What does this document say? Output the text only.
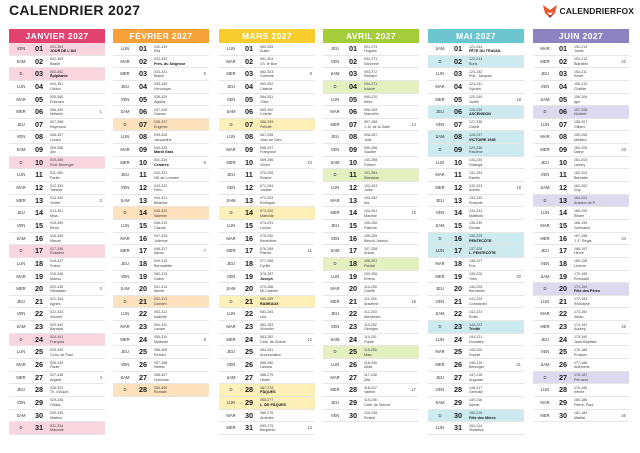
CALENDRIER 2027	CALENDRIERFOX
JANVIER 2027
VEN	01	001-364
JOUR DE L'AN
SAM	02	002-363
Basile
D	03	003-362
Épiphanie
LUN	04	004-361
Odilon
MAR	05	005-360
Édouard
MER	06	006-359
Mélaine
1
JEU	07	007-358
Raymond
VEN	08	008-357
Lucien
SAM	09	009-356
Alix
D	10	010-355
Guil. Bérenger
LUN	11	011-354
Paulin
MAR	12	012-353
Tatiana
MER	13	013-352
Yvette
2
JEU	14	014-351
Nina
VEN	15	015-350
Rémi
SAM	16	016-349
Marcel
D	17	017-348
Roseline
LUN	18	018-347
Prisca
MAR	19	019-346
Marius
MER	20	020-345
Sébastien
3
JEU	21	021-344
Agnès
VEN	22	022-343
Vincent
SAM	23	023-342
Barnard
D	24	024-341
François
LUN	25	025-340
Conv. de Paul
MAR	26	026-339
Paule
MER	27	027-338
Angèle
4
JEU	28	028-337
Th. d'Aquin
VEN	29	029-336
Gildas
SAM	30	030-335
Martine
D	31	031-334
Marcelle
FÉVRIER 2027
LUN	01	032-333
Ella
MAR	02	033-332
Prés. du Seigneur
MER	03	034-331
Blaise
5
JEU	04	035-330
Véronique
VEN	05	036-329
Agathe
SAM	06	037-328
Gaston
D	07	038-327
Eugénie
LUN	08	039-326
Jacqueline
MAR	09	040-325
Mardi Gras
MER	10	041-324
Cendres
6
JEU	11	042-323
ND de Lourdes
VEN	12	043-322
Félix
SAM	13	044-321
Béatrice
D	14	045-320
Valentin
LUN	15	046-319
Claude
MAR	16	047-318
Julienne
MER	17	048-317
Alexis
7
JEU	18	049-316
Bernadette
VEN	19	050-315
Gabin
SAM	20	051-314
Aimée
D	21	052-313
Damien
LUN	22	053-312
Isabelle
MAR	23	054-311
Lazare
MER	24	055-310
Modeste
8
JEU	25	056-309
Roméo
VEN	26	057-308
Nestor
SAM	27	058-307
Honorine
D	28	059-306
Romain
MARS 2027
LUN	01	060-305
Aubin
MAR	02	061-304
Ch. le Bon
MER	03	062-303
Guénolé
9
JEU	04	063-302
Casimir
VEN	05	064-301
Olive
SAM	06	065-300
Colette
D	07	066-299
Félicité
LUN	08	067-298
Jean de Dieu
MAR	09	068-297
Françoise
MER	10	069-296
Vivien
10
JEU	11	070-295
Rosine
VEN	12	071-294
Justine
SAM	13	072-293
Rodrigue
D	14	073-292
Mathilde
LUN	15	074-291
Louise
MAR	16	075-290
Bénédicte
MER	17	076-289
Patrice
11
JEU	18	077-288
Cyrille
VEN	19	078-287
Joseph
SAM	20	079-286
Mi-Carême
D	21	080-285
RAMEAUX
LUN	22	081-284
Léa
MAR	23	082-283
Victorien
MER	24	083-282
Cath. de Suède
12
JEU	25	084-281
Annonciation
VEN	26	085-280
Larissa
SAM	27	086-279
Habib
D	28	087-278
PÂQUES
LUN	29	088-277
L. DE PÂQUES
MAR	30	089-276
Amédée
MER	31	090-275
Benjamin
13
AVRIL 2027
JEU	01	091-274
Hugues
VEN	02	092-273
Sandrine
SAM	03	093-272
Richard
D	04	094-271
Isidore
LUN	05	095-270
Irène
MAR	06	096-269
Marcellin
MER	07	097-268
J.-B. de la Salle
14
JEU	08	098-267
Julie
VEN	09	099-266
Gautier
SAM	10	100-265
Fulbert
D	11	101-264
Stanislas
LUN	12	102-263
Jules
MAR	13	103-262
Ida
MER	14	104-261
Maxime
15
JEU	15	105-260
Paterne
VEN	16	106-259
Benoît-Joseph
SAM	17	107-258
Anicet
D	18	108-257
Parfait
LUN	19	109-256
Emma
MAR	20	110-255
Odette
MER	21	111-254
Anselme
16
JEU	22	112-253
Alexandre
VEN	23	113-252
Georges
SAM	24	114-251
Fidèle
D	25	115-250
Marc
LUN	26	116-249
Alida
MAR	27	117-248
Zita
MER	28	118-247
Valérie
17
JEU	29	119-246
Cath. de Sienne
VEN	30	120-245
Robert
MAI 2027
SAM	01	121-244
FÊTE DU TRAVAIL
D	02	122-243
Boris
LUN	03	123-242
Phil., Jacques
MAR	04	124-241
Sylvain
MER	05	125-240
Judith
18
JEU	06	126-239
ASCENSION
VEN	07	127-238
Gisèle
SAM	08	128-237
VICTOIRE 1945
D	09	129-236
Pacôme
LUN	10	130-235
Solange
MAR	11	131-234
Estelle
MER	12	132-233
Achille
19
JEU	13	133-232
Rolande
VEN	14	134-231
Matthias
SAM	15	135-230
Denise
D	16	136-229
PENTECÔTE
LUN	17	137-228
L. PENTECÔTE
MAR	18	138-227
Éric
MER	19	139-226
Yves
20
JEU	20	140-225
Bernardin
VEN	21	141-224
Constantin
SAM	22	142-223
Émile
D	23	143-222
Trinité
LUN	24	144-221
Donatien
MAR	25	145-220
Sophie
MER	26	146-219
Bérenger
21
JEU	27	147-218
Augustin
VEN	28	148-217
Germain
SAM	29	149-216
Aymar
D	30	150-215
Fête des Mères
LUN	31	151-214
Visitation
JUIN 2027
MAR	01	152-213
Justin
MER	02	153-212
Blandine
22
JEU	03	154-211
Kévin
VEN	04	155-210
Clotilde
SAM	05	156-209
Igor
D	06	157-208
Norbert
LUN	07	158-207
Gilbert
MAR	08	159-206
Médard
MER	09	160-205
Diane
23
JEU	10	161-204
Landry
VEN	11	162-203
Barnabé
SAM	12	163-202
Guy
D	13	164-201
Antoine de P.
LUN	14	165-200
Élisée
MAR	15	166-199
Germaine
MER	16	167-198
J.-F. Régis
24
JEU	17	168-197
Hervé
VEN	18	169-196
Léonce
SAM	19	170-195
Romuald
D	20	171-194
Fête des Pères
LUN	21	172-193
Rodolphe
MAR	22	173-192
Alban
MER	23	174-191
Audrey
25
JEU	24	175-190
Jean-Baptiste
VEN	25	176-189
Prosper
SAM	26	177-188
Anthelme
D	27	178-187
Fernand
LUN	28	179-186
Irénée
MAR	29	180-185
Pierre, Paul
MER	30	181-184
Martial
26
